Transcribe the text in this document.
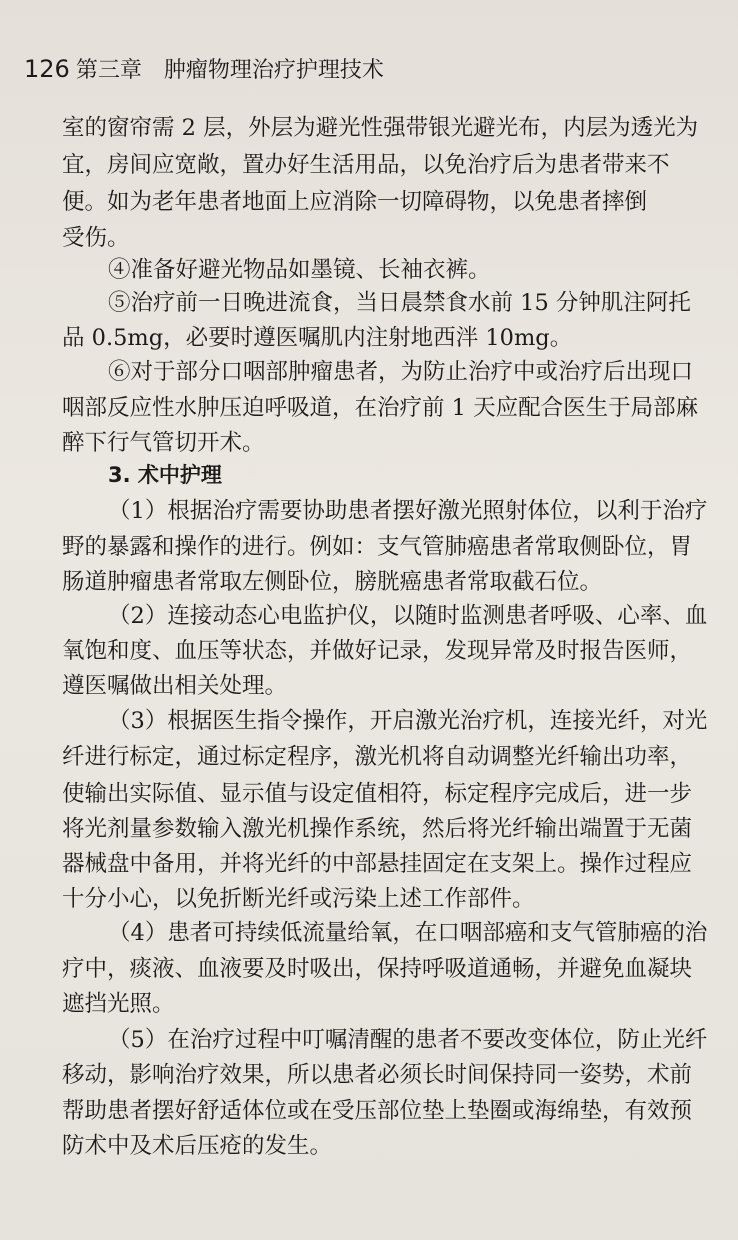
126 第三章 肿瘤物理治疗护理技术
室的窗帘需 2 层，外层为避光性强带银光避光布，内层为透光为
宜，房间应宽敞，置办好生活用品，以免治疗后为患者带来不
便。如为老年患者地面上应消除一切障碍物，以免患者摔倒
受伤。
④准备好避光物品如墨镜、长袖衣裤。
⑤治疗前一日晚进流食，当日晨禁食水前 15 分钟肌注阿托
品 0.5mg，必要时遵医嘱肌内注射地西泮 10mg。
⑥对于部分口咽部肿瘤患者，为防止治疗中或治疗后出现口
咽部反应性水肿压迫呼吸道，在治疗前 1 天应配合医生于局部麻
醉下行气管切开术。
3. 术中护理
（1）根据治疗需要协助患者摆好激光照射体位，以利于治疗
野的暴露和操作的进行。例如：支气管肺癌患者常取侧卧位，胃
肠道肿瘤患者常取左侧卧位，膀胱癌患者常取截石位。
（2）连接动态心电监护仪，以随时监测患者呼吸、心率、血
氧饱和度、血压等状态，并做好记录，发现异常及时报告医师，
遵医嘱做出相关处理。
（3）根据医生指令操作，开启激光治疗机，连接光纤，对光
纤进行标定，通过标定程序，激光机将自动调整光纤输出功率，
使输出实际值、显示值与设定值相符，标定程序完成后，进一步
将光剂量参数输入激光机操作系统，然后将光纤输出端置于无菌
器械盘中备用，并将光纤的中部悬挂固定在支架上。操作过程应
十分小心，以免折断光纤或污染上述工作部件。
（4）患者可持续低流量给氧，在口咽部癌和支气管肺癌的治
疗中，痰液、血液要及时吸出，保持呼吸道通畅，并避免血凝块
遮挡光照。
（5）在治疗过程中叮嘱清醒的患者不要改变体位，防止光纤
移动，影响治疗效果，所以患者必须长时间保持同一姿势，术前
帮助患者摆好舒适体位或在受压部位垫上垫圈或海绵垫，有效预
防术中及术后压疮的发生。
